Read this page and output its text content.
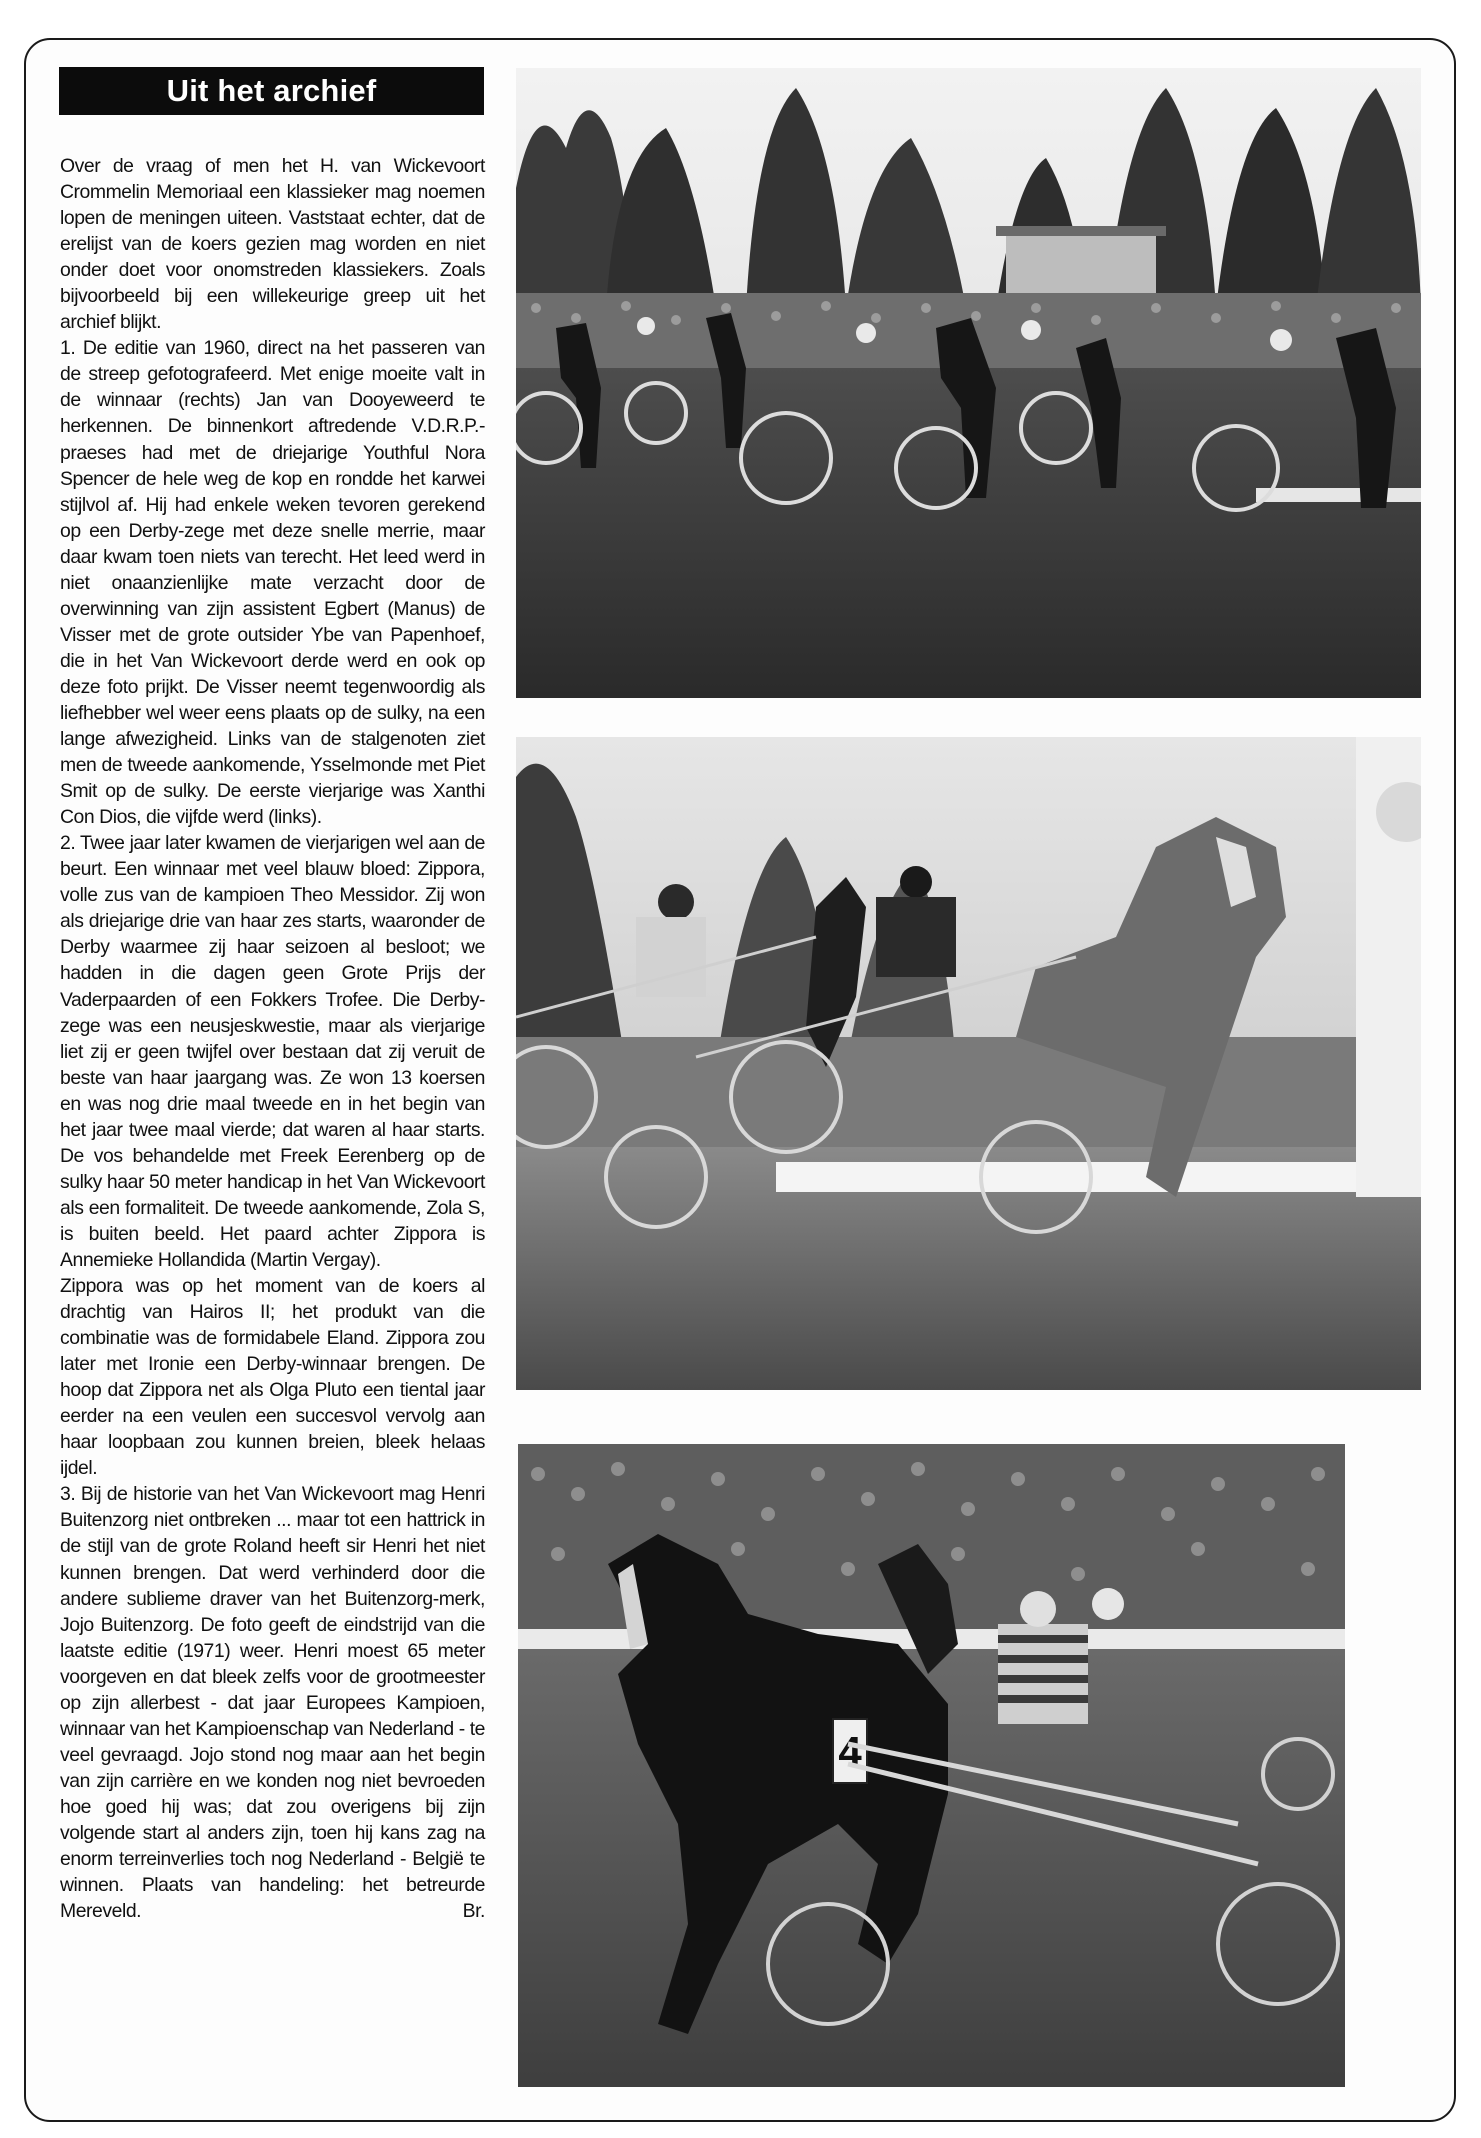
Uit het archief

Over de vraag of men het H. van Wickevoort Crommelin Memoriaal een klassieker mag noemen lopen de meningen uiteen. Vaststaat echter, dat de erelijst van de koers gezien mag worden en niet onder doet voor onomstreden klassiekers. Zoals bijvoorbeeld bij een willekeurige greep uit het archief blijkt.

1. De editie van 1960, direct na het passeren van de streep gefotografeerd. Met enige moeite valt in de winnaar (rechts) Jan van Dooyeweerd te herkennen. De binnenkort aftredende V.D.R.P.-praeses had met de driejarige Youthful Nora Spencer de hele weg de kop en rondde het karwei stijlvol af. Hij had enkele weken tevoren gerekend op een Derby-zege met deze snelle merrie, maar daar kwam toen niets van terecht. Het leed werd in niet onaanzienlijke mate verzacht door de overwinning van zijn assistent Egbert (Manus) de Visser met de grote outsider Ybe van Papenhoef, die in het Van Wickevoort derde werd en ook op deze foto prijkt. De Visser neemt tegenwoordig als liefhebber wel weer eens plaats op de sulky, na een lange afwezigheid. Links van de stalgenoten ziet men de tweede aankomende, Ysselmonde met Piet Smit op de sulky. De eerste vierjarige was Xanthi Con Dios, die vijfde werd (links).

2. Twee jaar later kwamen de vierjarigen wel aan de beurt. Een winnaar met veel blauw bloed: Zippora, volle zus van de kampioen Theo Messidor. Zij won als driejarige drie van haar zes starts, waaronder de Derby waarmee zij haar seizoen al besloot; we hadden in die dagen geen Grote Prijs der Vaderpaarden of een Fokkers Trofee. Die Derby-zege was een neusjeskwestie, maar als vierjarige liet zij er geen twijfel over bestaan dat zij veruit de beste van haar jaargang was. Ze won 13 koersen en was nog drie maal tweede en in het begin van het jaar twee maal vierde; dat waren al haar starts. De vos behandelde met Freek Eerenberg op de sulky haar 50 meter handicap in het Van Wickevoort als een formaliteit. De tweede aankomende, Zola S, is buiten beeld. Het paard achter Zippora is Annemieke Hollandida (Martin Vergay).

Zippora was op het moment van de koers al drachtig van Hairos II; het produkt van die combinatie was de formidabele Eland. Zippora zou later met Ironie een Derby-winnaar brengen. De hoop dat Zippora net als Olga Pluto een tiental jaar eerder na een veulen een succesvol vervolg aan haar loopbaan zou kunnen breien, bleek helaas ijdel.

3. Bij de historie van het Van Wickevoort mag Henri Buitenzorg niet ontbreken ... maar tot een hattrick in de stijl van de grote Roland heeft sir Henri het niet kunnen brengen. Dat werd verhinderd door die andere sublieme draver van het Buitenzorg-merk, Jojo Buitenzorg. De foto geeft de eindstrijd van die laatste editie (1971) weer. Henri moest 65 meter voorgeven en dat bleek zelfs voor de grootmeester op zijn allerbest - dat jaar Europees Kampioen, winnaar van het Kampioenschap van Nederland - te veel gevraagd. Jojo stond nog maar aan het begin van zijn carrière en we konden nog niet bevroeden hoe goed hij was; dat zou overigens bij zijn volgende start al anders zijn, toen hij kans zag na enorm terreinverlies toch nog Nederland - België te winnen. Plaats van handeling: het betreurde Mereveld. Br.

4
